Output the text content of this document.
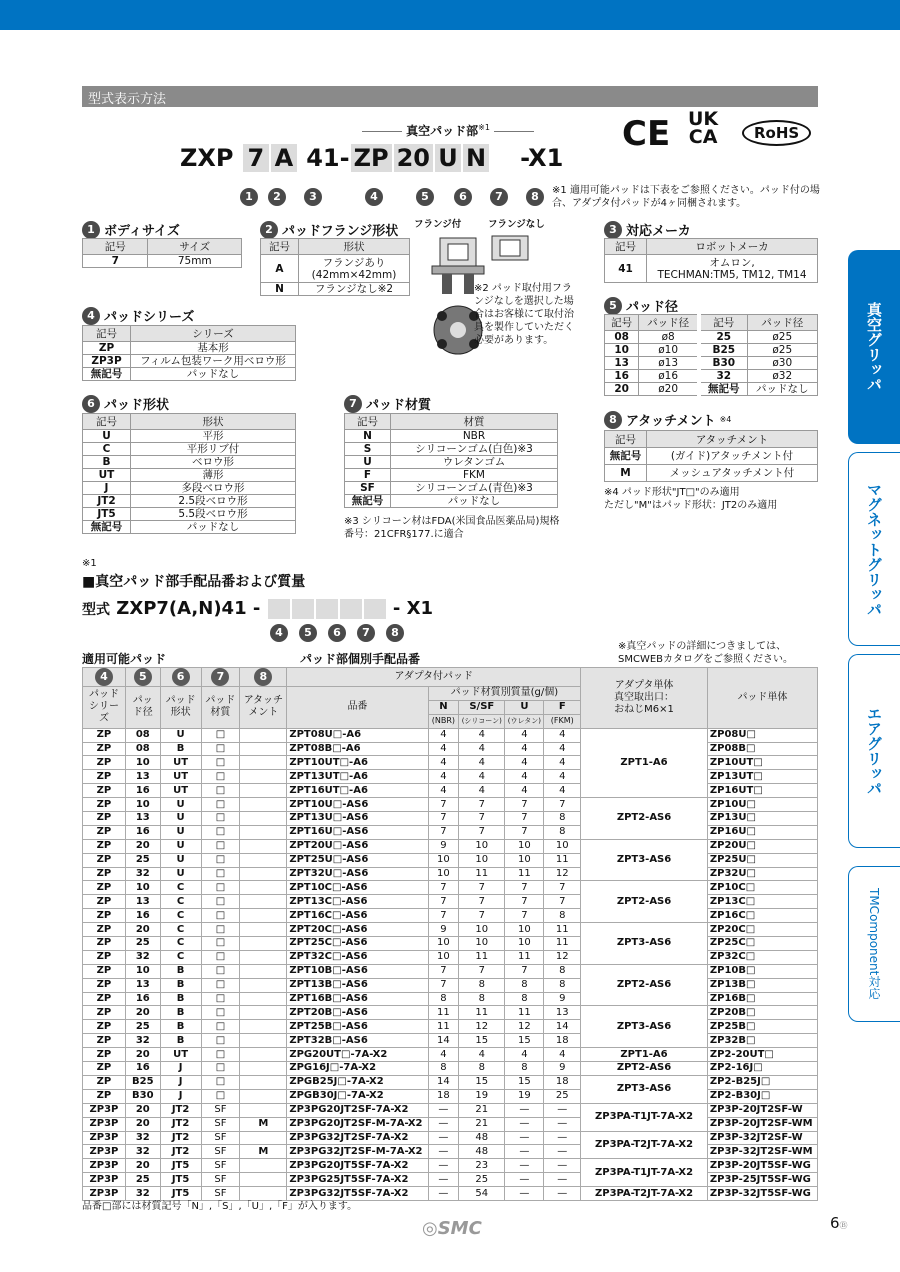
型式表示方法
真空パッド部$^{※1}$
ZXP 7 A 41- ZP 20 U N -X1
1	2	3	4	5	6	7	8
CE UK
CA	RoHS
※1 適用可能パッドは下表をご参照ください。パッド付の場合、アダプタ付パッドが4ヶ同梱されます。
1 ボディサイズ
記号	サイズ
7	75mm
2 パッドフランジ形状
記号	形状
A	フランジあり
(42mm×42mm)
N	フランジなし※2
フランジ付	フランジなし
※2 パッド取付用フランジなしを選択した場合はお客様にて取付治具を製作していただく必要があります。
3 対応メーカ
記号	ロボットメーカ
41	オムロン,
TECHMAN:TM5, TM12, TM14
4 パッドシリーズ
記号	シリーズ
ZP	基本形
ZP3P	フィルム包装ワーク用ベロウ形
無記号	パッドなし
5 パッド径
記号	パッド径	記号	パッド径
08	ø8	25	ø25
10	ø10	B25	ø25
13	ø13	B30	ø30
16	ø16	32	ø32
20	ø20	無記号	パッドなし
6 パッド形状
記号	形状
U	平形
C	平形リブ付
B	ベロウ形
UT	薄形
J	多段ベロウ形
JT2	2.5段ベロウ形
JT5	5.5段ベロウ形
無記号	パッドなし
7 パッド材質
記号	材質
N	NBR
S	シリコーンゴム(白色)※3
U	ウレタンゴム
F	FKM
SF	シリコーンゴム(青色)※3
無記号	パッドなし
※3 シリコーン材はFDA(米国食品医薬品局)規格番号：21CFR§177.に適合
8 アタッチメント ※4
記号	アタッチメント
無記号	(ガイド)アタッチメント付
M	メッシュアタッチメント付
※4 パッド形状"JT□"のみ適用
ただし"M"はパッド形状：JT2のみ適用
※1
■真空パッド部手配品番および質量
型式 ZXP7(A,N)41 -	- X1
4	5	6	7	8
※真空パッドの詳細につきましては、SMCWEBカタログをご参照ください。
適用可能パッド	パッド部個別手配品番
4	5	6	7	8	アダプタ付パッド					アダプタ単体
真空取出口：
おねじM6×1	パッド単体
パッドシリーズ	パッド径	パッド形状	パッド材質	アタッチメント	品番	パッド材質別質量(g/個)					
						N	S/SF	U	F		
						(NBR)	(シリコーン)	(ウレタン)	(FKM)		
ZP	08	U	□		ZPT08U□-A6	4	4	4	4	ZPT1-A6	ZP08U□
ZP	08	B	□		ZPT08B□-A6	4	4	4	4		ZP08B□
ZP	10	UT	□		ZPT10UT□-A6	4	4	4	4		ZP10UT□
ZP	13	UT	□		ZPT13UT□-A6	4	4	4	4		ZP13UT□
ZP	16	UT	□		ZPT16UT□-A6	4	4	4	4		ZP16UT□
ZP	10	U	□		ZPT10U□-AS6	7	7	7	7	ZPT2-AS6	ZP10U□
ZP	13	U	□		ZPT13U□-AS6	7	7	7	8		ZP13U□
ZP	16	U	□		ZPT16U□-AS6	7	7	7	8		ZP16U□
ZP	20	U	□		ZPT20U□-AS6	9	10	10	10	ZPT3-AS6	ZP20U□
ZP	25	U	□		ZPT25U□-AS6	10	10	10	11		ZP25U□
ZP	32	U	□		ZPT32U□-AS6	10	11	11	12		ZP32U□
ZP	10	C	□		ZPT10C□-AS6	7	7	7	7	ZPT2-AS6	ZP10C□
ZP	13	C	□		ZPT13C□-AS6	7	7	7	7		ZP13C□
ZP	16	C	□		ZPT16C□-AS6	7	7	7	8		ZP16C□
ZP	20	C	□		ZPT20C□-AS6	9	10	10	11	ZPT3-AS6	ZP20C□
ZP	25	C	□		ZPT25C□-AS6	10	10	10	11		ZP25C□
ZP	32	C	□		ZPT32C□-AS6	10	11	11	12		ZP32C□
ZP	10	B	□		ZPT10B□-AS6	7	7	7	8	ZPT2-AS6	ZP10B□
ZP	13	B	□		ZPT13B□-AS6	7	8	8	8		ZP13B□
ZP	16	B	□		ZPT16B□-AS6	8	8	8	9		ZP16B□
ZP	20	B	□		ZPT20B□-AS6	11	11	11	13	ZPT3-AS6	ZP20B□
ZP	25	B	□		ZPT25B□-AS6	11	12	12	14		ZP25B□
ZP	32	B	□		ZPT32B□-AS6	14	15	15	18		ZP32B□
ZP	20	UT	□		ZPG20UT□-7A-X2	4	4	4	4	ZPT1-A6	ZP2-20UT□
ZP	16	J	□		ZPG16J□-7A-X2	8	8	8	9	ZPT2-AS6	ZP2-16J□
ZP	B25	J	□		ZPGB25J□-7A-X2	14	15	15	18	ZPT3-AS6	ZP2-B25J□
ZP	B30	J	□		ZPGB30J□-7A-X2	18	19	19	25		ZP2-B30J□
ZP3P	20	JT2	SF		ZP3PG20JT2SF-7A-X2	—	21	—	—	ZP3PA-T1JT-7A-X2	ZP3P-20JT2SF-W
ZP3P	20	JT2	SF	M	ZP3PG20JT2SF-M-7A-X2	—	21	—	—		ZP3P-20JT2SF-WM
ZP3P	32	JT2	SF		ZP3PG32JT2SF-7A-X2	—	48	—	—	ZP3PA-T2JT-7A-X2	ZP3P-32JT2SF-W
ZP3P	32	JT2	SF	M	ZP3PG32JT2SF-M-7A-X2	—	48	—	—		ZP3P-32JT2SF-WM
ZP3P	20	JT5	SF		ZP3PG20JT5SF-7A-X2	—	23	—	—	ZP3PA-T1JT-7A-X2	ZP3P-20JT5SF-WG
ZP3P	25	JT5	SF		ZP3PG25JT5SF-7A-X2	—	25	—	—		ZP3P-25JT5SF-WG
ZP3P	32	JT5	SF		ZP3PG32JT5SF-7A-X2	—	54	—	—	ZP3PA-T2JT-7A-X2	ZP3P-32JT5SF-WG
品番□部には材質記号「N」,「S」,「U」,「F」が入ります。
真空グリッパ
マグネットグリッパ
エアグリッパ
TMComponent対応
◎SMC	6Ⓑ
